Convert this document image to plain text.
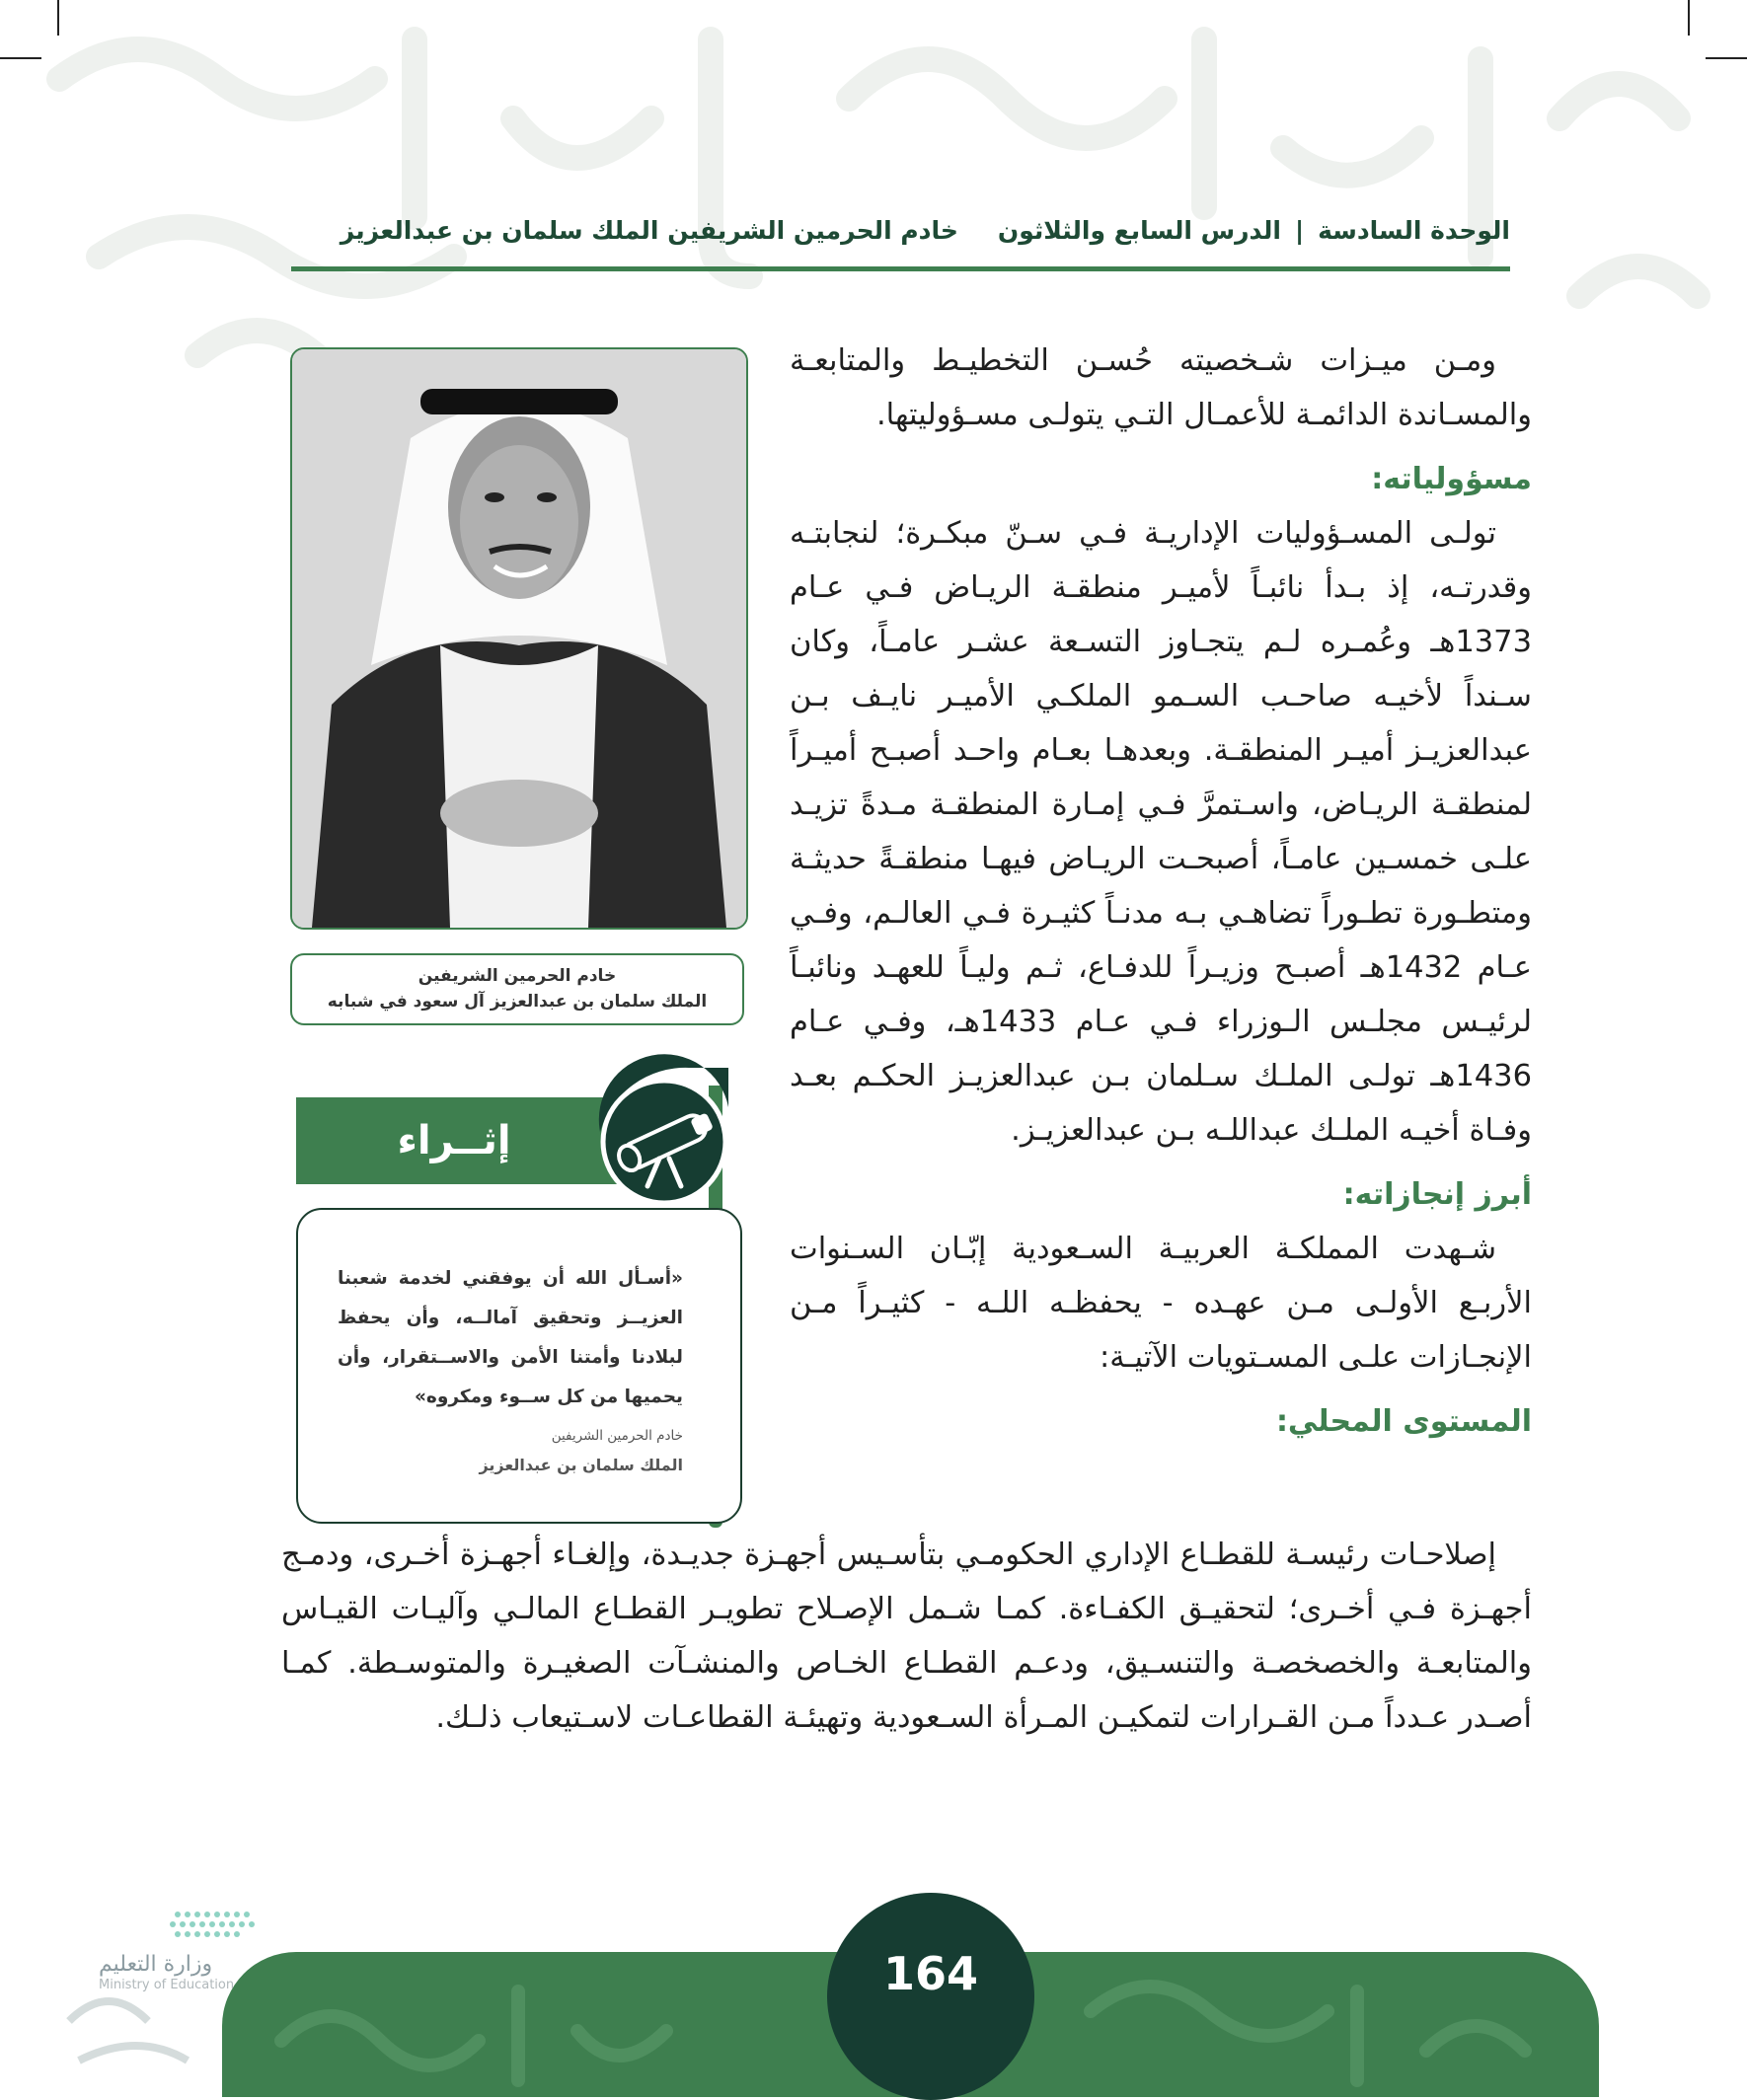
الوحدة السادسة
|
الدرس السابع والثلاثون
خادم الحرمين الشريفين الملك سلمان بن عبدالعزيز

ومـن ميـزات شـخصيته حُسـن التخطيـط والمتابعـة والمسـاندة الدائمـة للأعمـال التـي يتولـى مسـؤوليتها.

مسؤولياته:

تولـى المسـؤوليات الإداريـة فـي سـنّ مبكـرة؛ لنجابتـه وقدرتـه، إذ بـدأ نائبـاً لأميـر منطقـة الريـاض فـي عـام 1373هـ وعُمـره لـم يتجـاوز التسـعة عشـر عامـاً، وكان سـنداً لأخيـه صاحـب السـمو الملكـي الأميـر نايـف بـن عبدالعزيـز أميـر المنطقـة. وبعدهـا بعـام واحـد أصبـح أميـراً لمنطقـة الريـاض، واسـتمرَّ فـي إمـارة المنطقـة مـدةً تزيـد علـى خمسـين عامـاً، أصبحـت الريـاض فيهـا منطقـةً حديثـة ومتطـورة تطـوراً تضاهـي بـه مدنـاً كثيـرة فـي العالـم، وفـي عـام 1432هـ أصبـح وزيـراً للدفـاع، ثـم وليـاً للعهـد ونائبـاً لرئيـس مجلـس الـوزراء فـي عـام 1433هـ، وفـي عـام 1436هـ تولـى الملـك سـلمان بـن عبدالعزيـز الحكـم بعـد وفـاة أخيـه الملـك عبداللـه بـن عبدالعزيـز.

أبرز إنجازاته:

شـهدت المملكـة العربيـة السـعودية إبّـان السـنوات الأربـع الأولـى مـن عهـده - يحفظـه اللـه - كثيـراً مـن الإنجـازات علـى المسـتويات الآتيـة:

المستوى المحلي:

إصلاحـات رئيسـة للقطـاع الإداري الحكومـي بتأسـيس أجهـزة جديـدة، وإلغـاء أجهـزة أخـرى، ودمـج أجهـزة فـي أخـرى؛ لتحقيـق الكفـاءة. كمـا شـمل الإصـلاح تطويـر القطـاع المالـي وآليـات القيـاس والمتابعـة والخصخصـة والتنسـيق، ودعـم القطـاع الخـاص والمنشـآت الصغيـرة والمتوسـطة. كمـا أصـدر عـدداً مـن القـرارات لتمكيـن المـرأة السـعودية وتهيئـة القطاعـات لاسـتيعاب ذلـك.

خادم الحرمين الشريفين
الملك سلمان بن عبدالعزيز آل سعود في شبابه
إثــراء

«أسـأل الله أن يوفقني لخدمة شعبنا العزيــز وتحقيق آمالــه، وأن يحفظ لبلادنا وأمتنا الأمن والاســتقرار، وأن يحميها من كل ســوء ومكروه»

خادم الحرمين الشريفين
الملك سلمان بن عبدالعزيز
164
وزارة التعليم
Ministry of Education
